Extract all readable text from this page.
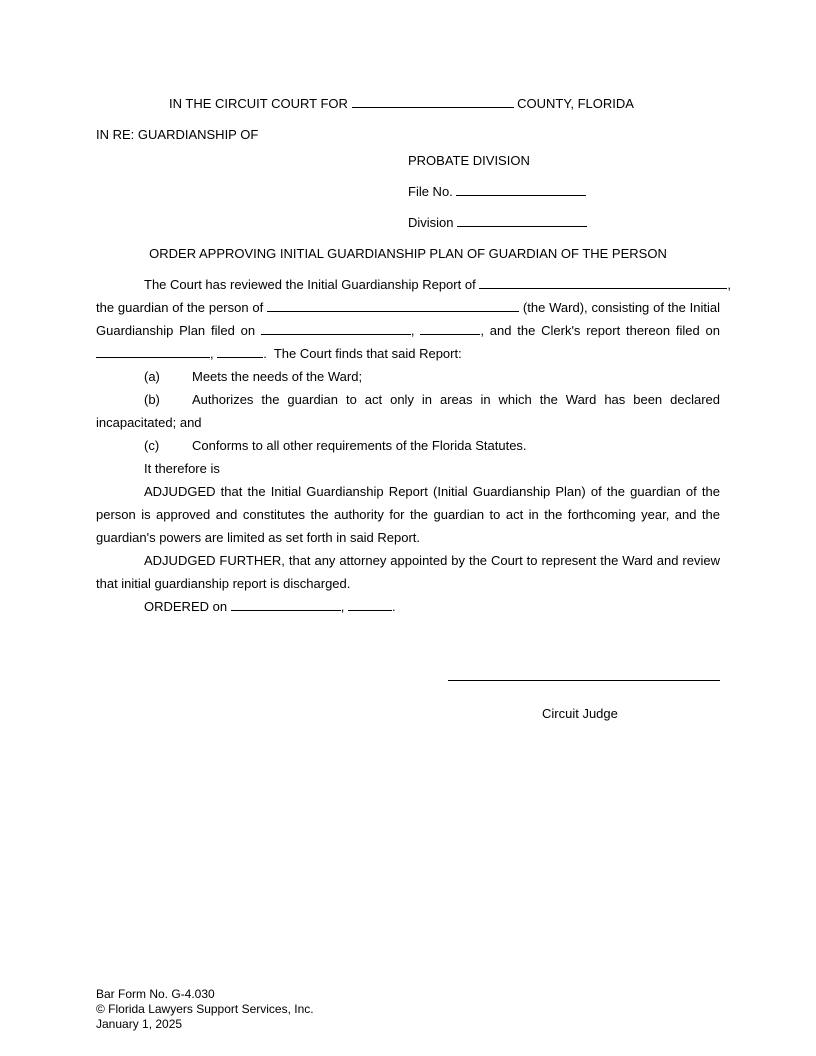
IN THE CIRCUIT COURT FOR	COUNTY, FLORIDA
IN RE: GUARDIANSHIP OF
PROBATE DIVISION
File No.
Division
ORDER APPROVING INITIAL GUARDIANSHIP PLAN OF GUARDIAN OF THE PERSON
The Court has reviewed the Initial Guardianship Report of	,
the guardian of the person of	(the Ward), consisting of the Initial
Guardianship Plan filed on	,	, and the Clerk's report thereon filed on
,	.  The Court finds that said Report:
(a) Meets the needs of the Ward;
(b) Authorizes the guardian to act only in areas in which the Ward has been declared incapacitated; and
(c)	Conforms to all other requirements of the Florida Statutes.
It therefore is
ADJUDGED that the Initial Guardianship Report (Initial Guardianship Plan) of the guardian of the person is approved and constitutes the authority for the guardian to act in the forthcoming year, and the guardian's powers are limited as set forth in said Report.
ADJUDGED FURTHER, that any attorney appointed by the Court to represent the Ward and review that initial guardianship report is discharged.
ORDERED on	,	.
Circuit Judge
Bar Form No. G-4.030
© Florida Lawyers Support Services, Inc.
January 1, 2025
